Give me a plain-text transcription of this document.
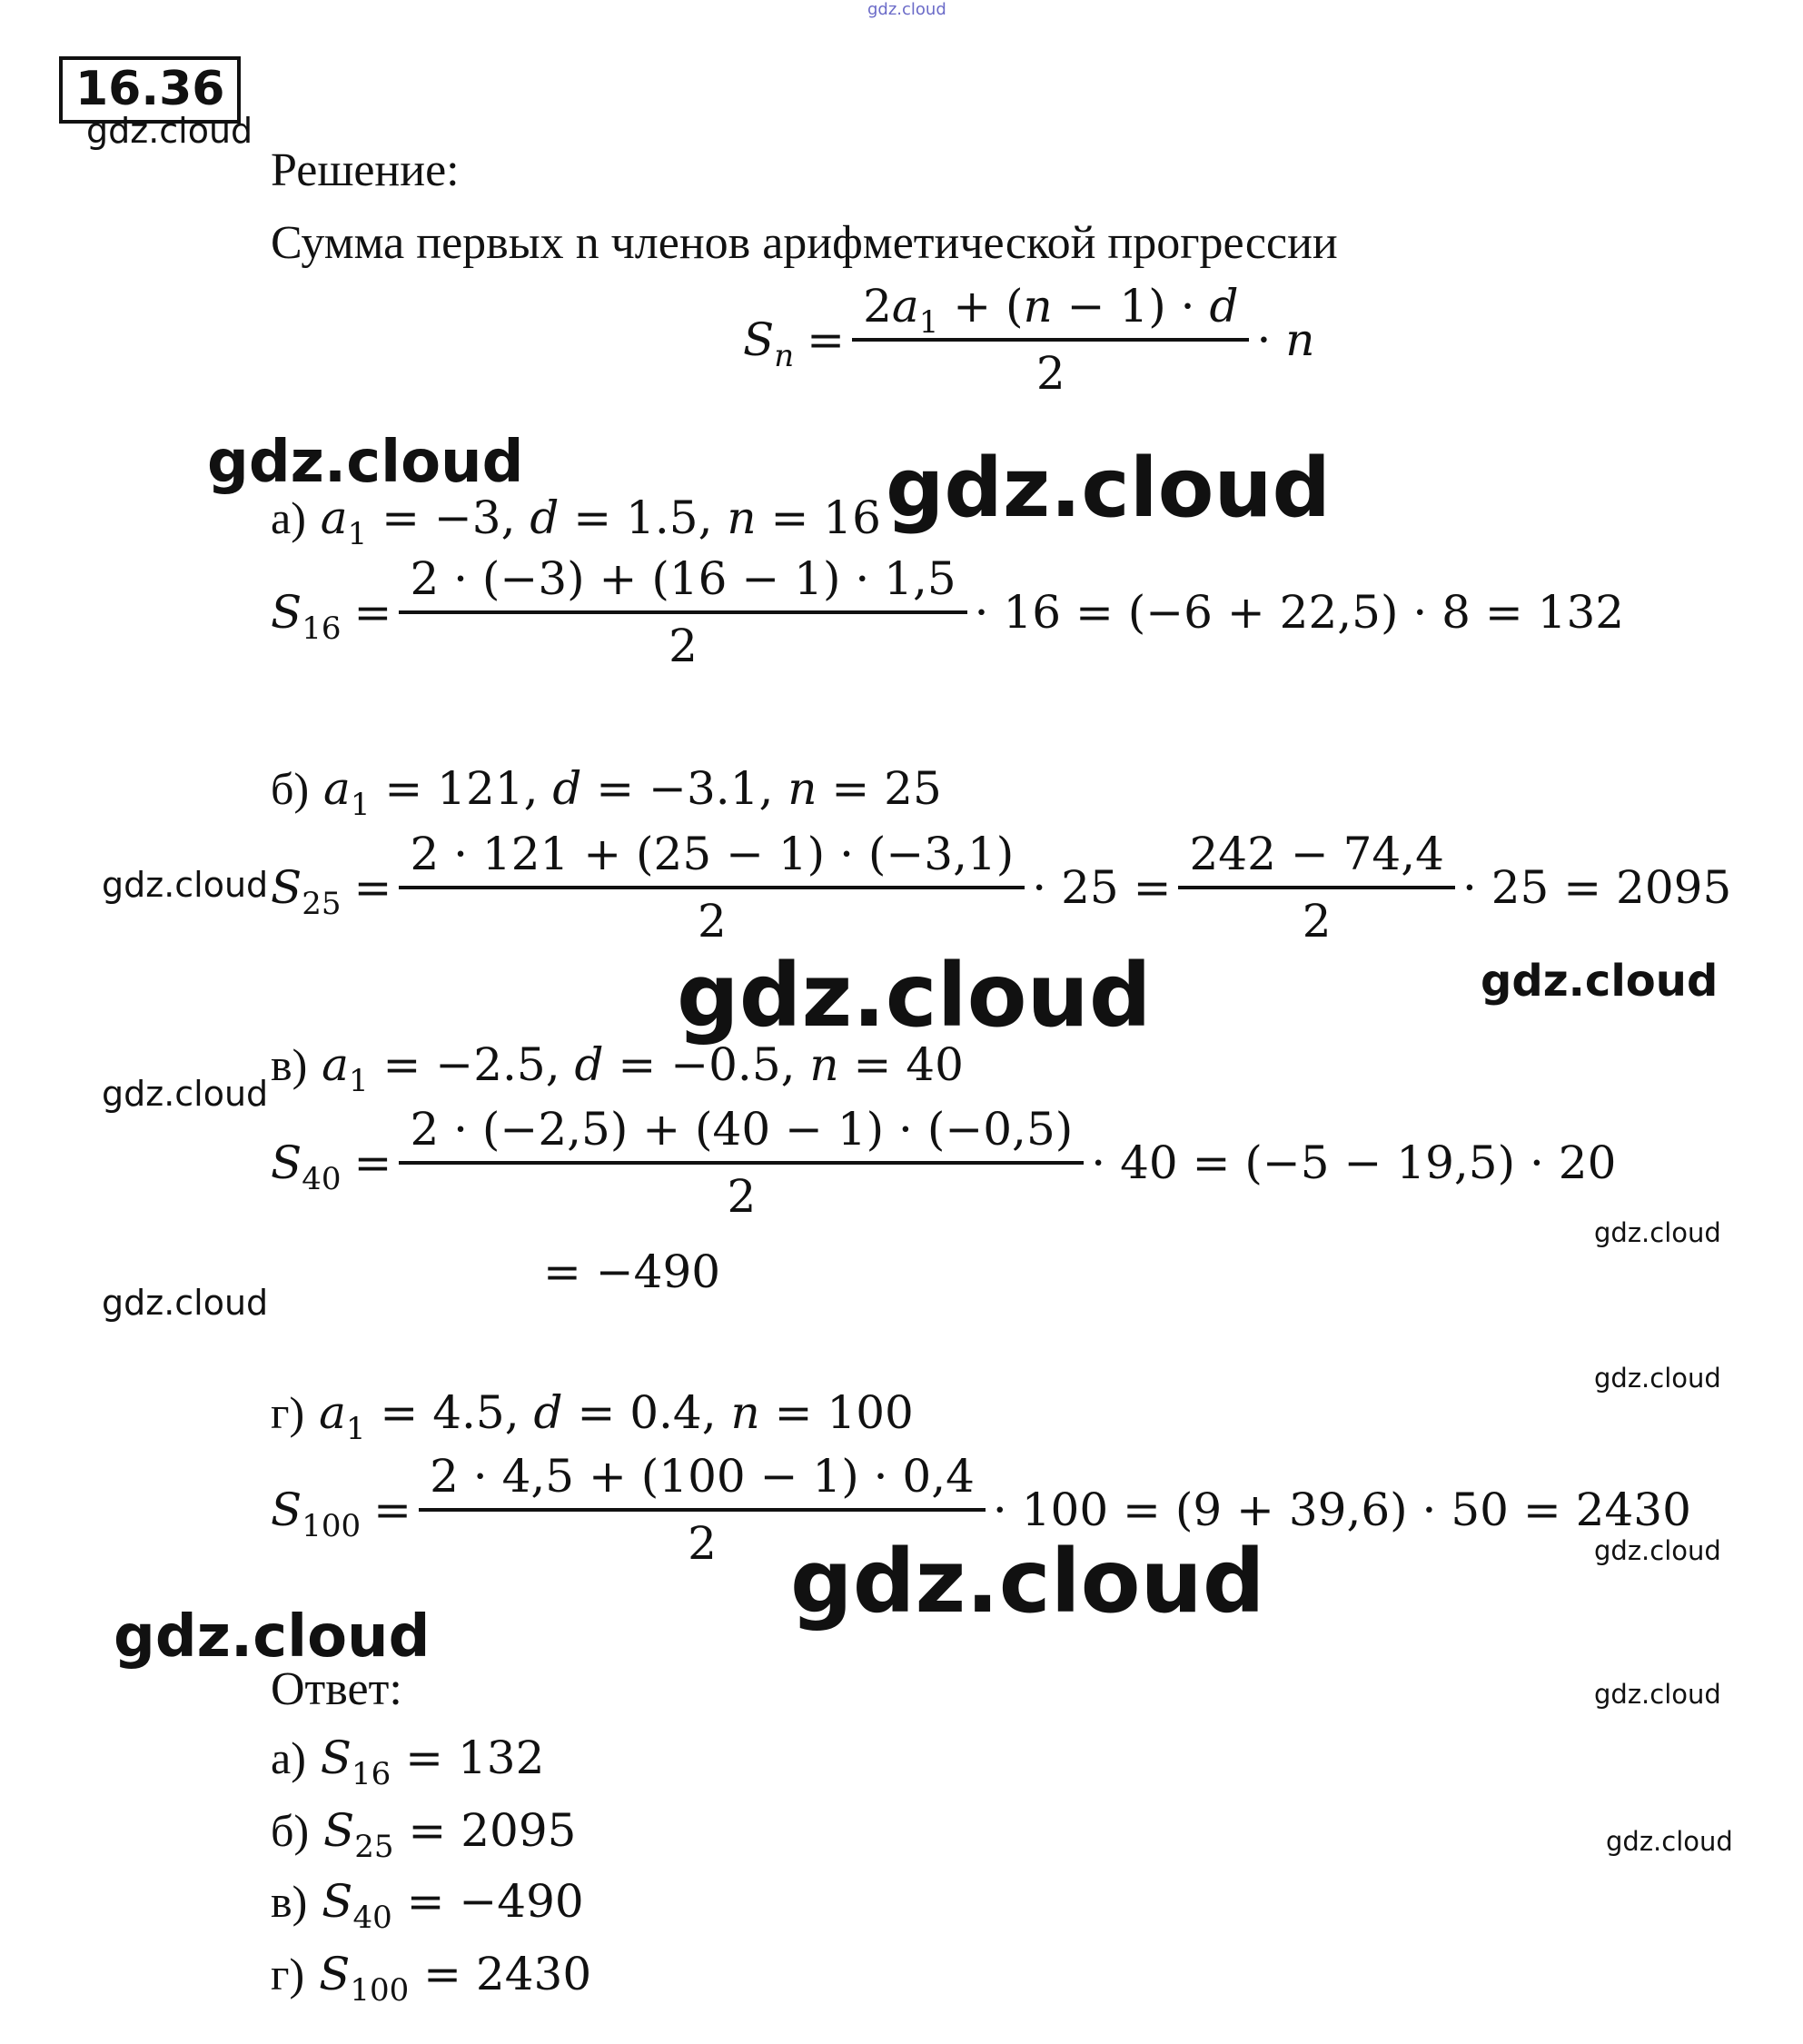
gdz.cloud
16.36
gdz.cloud
gdz.cloud	gdz.cloud
gdz.cloud
gdz.cloud	gdz.cloud
gdz.cloud
gdz.cloud
gdz.cloud
gdz.cloud
gdz.cloud
gdz.cloud
gdz.cloud
gdz.cloud
gdz.cloud
Решение:
Сумма первых n членов арифметической прогрессии
$S_n = \frac{2a_1 + (n - 1) \cdot d}{2} \cdot n$
а) $a_1 = -3$, d = 1.5, n = 16
$S_{16} = \frac{2 \cdot (-3) + (16 - 1) \cdot 1,5}{2} \cdot 16 = (-6 + 22,5) \cdot 8 = 132$
б) $a_1 = 121$, d = −3.1, n = 25
$S_{25} = \frac{2 \cdot 121 + (25 - 1) \cdot (-3,1)}{2} \cdot 25 = \frac{242 - 74,4}{2} \cdot 25 = 2095$
в) $a_1 = -2.5$, d = −0.5, n = 40
$S_{40} = \frac{2 \cdot (-2,5) + (40 - 1) \cdot (-0,5)}{2} \cdot 40 = (-5 - 19,5) \cdot 20$
= −490
г) $a_1 = 4.5$, d = 0.4, n = 100
$S_{100} = \frac{2 \cdot 4,5 + (100 - 1) \cdot 0,4}{2} \cdot 100 = (9 + 39,6) \cdot 50 = 2430$
Ответ:
а) $S_{16} = 132$
б) $S_{25} = 2095$
в) $S_{40} = -490$
г) $S_{100} = 2430$
